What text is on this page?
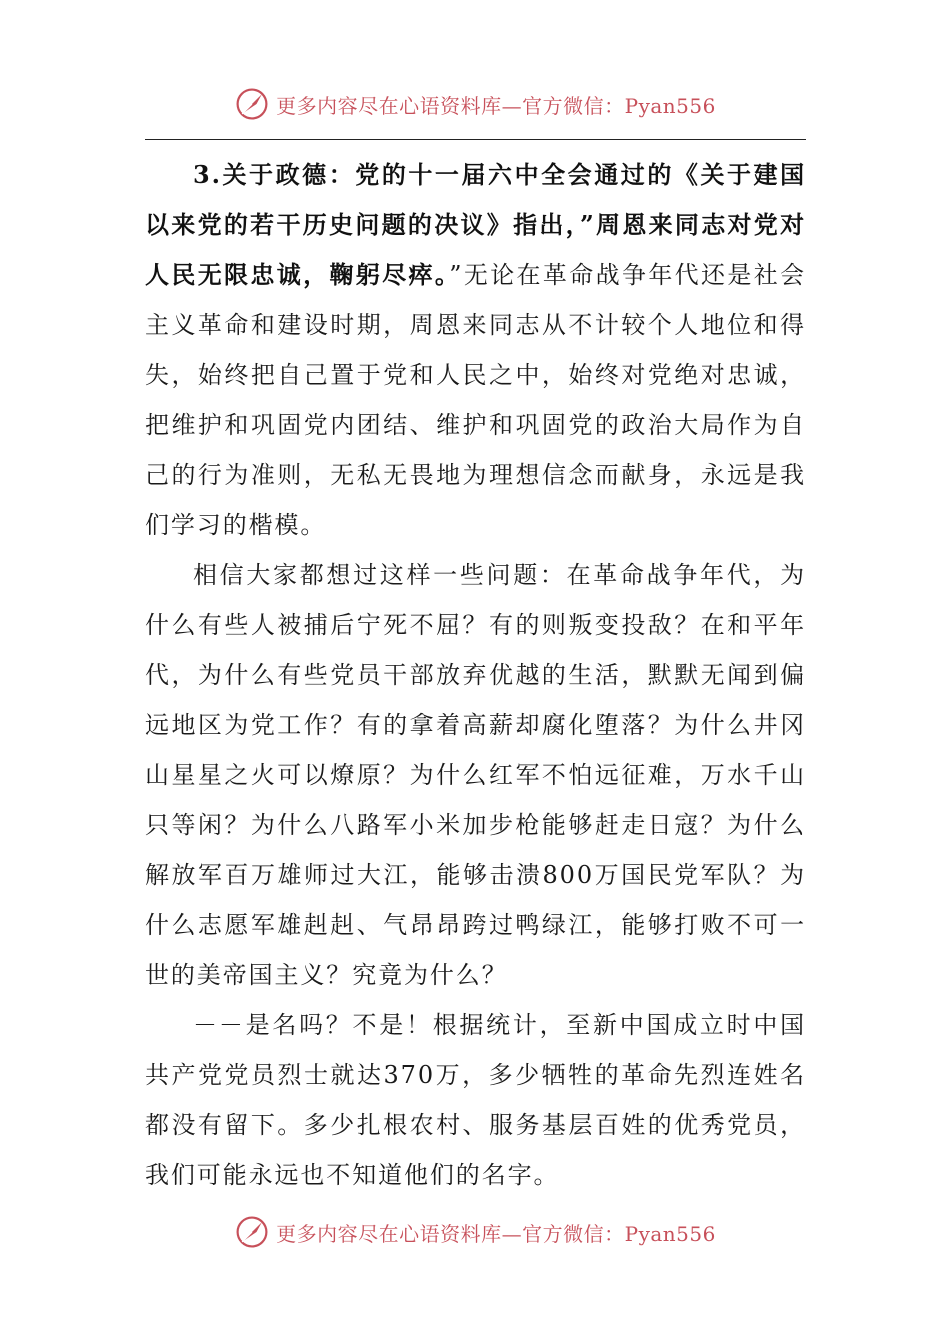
更多内容尽在心语资料库—官方微信：Pyan556

3.关于政德：党的十一届六中全会通过的《关于建国以来党的若干历史问题的决议》指出，”周恩来同志对党对人民无限忠诚，鞠躬尽瘁。”无论在革命战争年代还是社会主义革命和建设时期，周恩来同志从不计较个人地位和得失，始终把自己置于党和人民之中，始终对党绝对忠诚，把维护和巩固党内团结、维护和巩固党的政治大局作为自己的行为准则，无私无畏地为理想信念而献身，永远是我们学习的楷模。

相信大家都想过这样一些问题：在革命战争年代，为什么有些人被捕后宁死不屈？有的则叛变投敌？在和平年代，为什么有些党员干部放弃优越的生活，默默无闻到偏远地区为党工作？有的拿着高薪却腐化堕落？为什么井冈山星星之火可以燎原？为什么红军不怕远征难，万水千山只等闲？为什么八路军小米加步枪能够赶走日寇？为什么解放军百万雄师过大江，能够击溃800万国民党军队？为什么志愿军雄赳赳、气昂昂跨过鸭绿江，能够打败不可一世的美帝国主义？究竟为什么？

－－是名吗？不是！根据统计，至新中国成立时中国共产党党员烈士就达370万，多少牺牲的革命先烈连姓名都没有留下。多少扎根农村、服务基层百姓的优秀党员，我们可能永远也不知道他们的名字。

更多内容尽在心语资料库—官方微信：Pyan556
